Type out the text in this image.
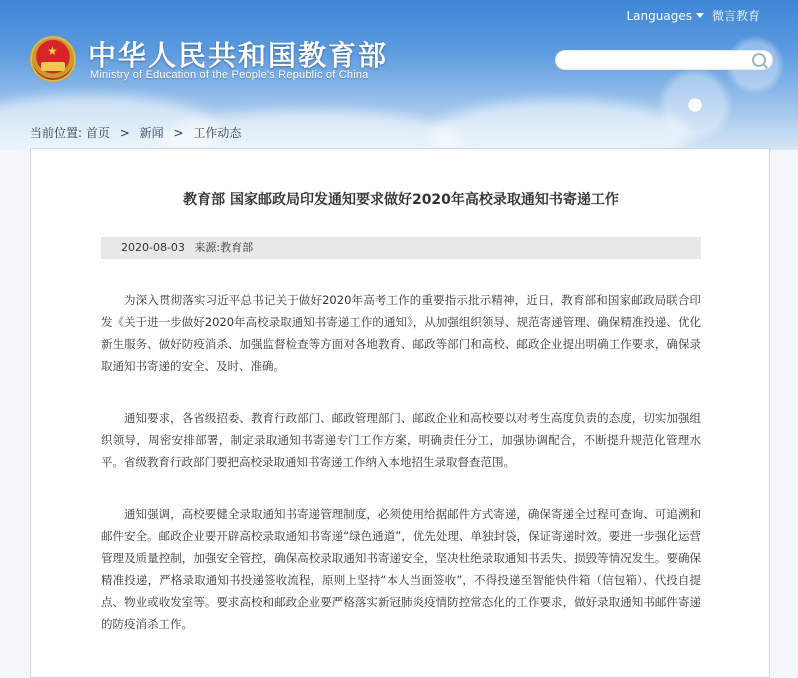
★ 中华人民共和国教育部
Ministry of Education of the People's Republic of China
Languages 微言教育
当前位置: 首页 > 新闻 > 工作动态
教育部 国家邮政局印发通知要求做好2020年高校录取通知书寄递工作
2020-08-03 来源:教育部

为深入贯彻落实习近平总书记关于做好2020年高考工作的重要指示批示精神，近日，教育部和国家邮政局联合印发《关于进一步做好2020年高校录取通知书寄递工作的通知》，从加强组织领导、规范寄递管理、确保精准投递、优化新生服务、做好防疫消杀、加强监督检查等方面对各地教育、邮政等部门和高校、邮政企业提出明确工作要求，确保录取通知书寄递的安全、及时、准确。

通知要求，各省级招委、教育行政部门、邮政管理部门、邮政企业和高校要以对考生高度负责的态度，切实加强组织领导，周密安排部署，制定录取通知书寄递专门工作方案，明确责任分工，加强协调配合，不断提升规范化管理水平。省级教育行政部门要把高校录取通知书寄递工作纳入本地招生录取督查范围。

通知强调，高校要健全录取通知书寄递管理制度，必须使用给据邮件方式寄递，确保寄递全过程可查询、可追溯和邮件安全。邮政企业要开辟高校录取通知书寄递“绿色通道”，优先处理、单独封袋，保证寄递时效。要进一步强化运营管理及质量控制，加强安全管控，确保高校录取通知书寄递安全，坚决杜绝录取通知书丢失、损毁等情况发生。要确保精准投递，严格录取通知书投递签收流程，原则上坚持“本人当面签收”，不得投递至智能快件箱（信包箱）、代投自提点、物业或收发室等。要求高校和邮政企业要严格落实新冠肺炎疫情防控常态化的工作要求，做好录取通知书邮件寄递的防疫消杀工作。
